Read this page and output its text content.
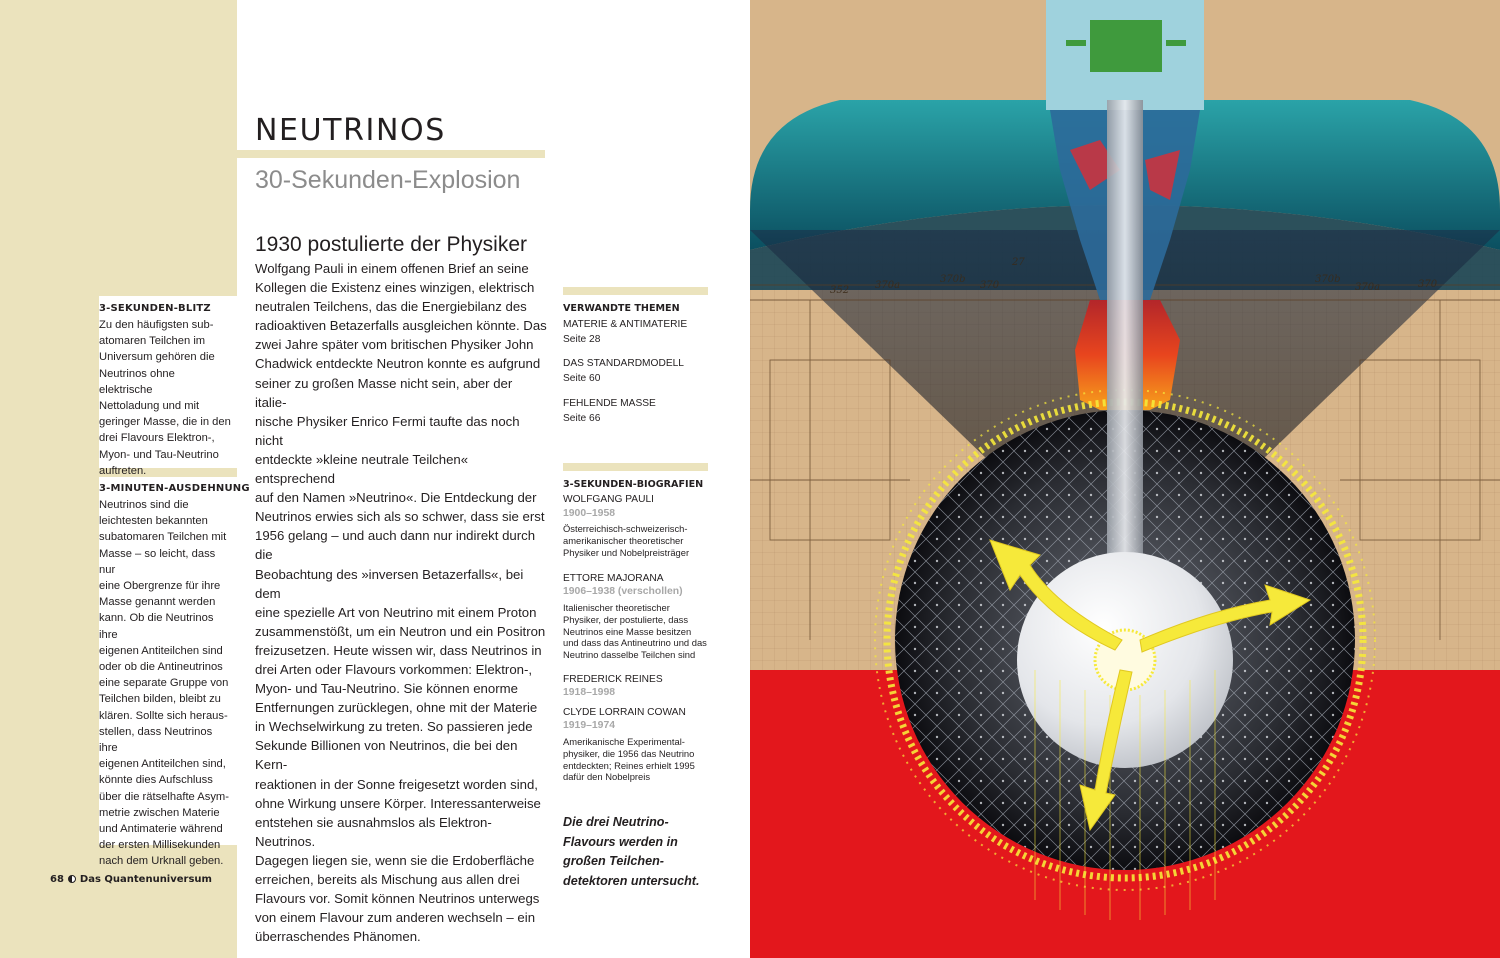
3-SEKUNDEN-BLITZ
Zu den häufigsten sub-
atomaren Teilchen im
Universum gehören die
Neutrinos ohne elektrische
Nettoladung und mit
geringer Masse, die in den
drei Flavours Elektron-,
Myon- und Tau-Neutrino
auftreten.
3-MINUTEN-AUSDEHNUNG
Neutrinos sind die
leichtesten bekannten
subatomaren Teilchen mit
Masse – so leicht, dass nur
eine Obergrenze für ihre
Masse genannt werden
kann. Ob die Neutrinos ihre
eigenen Antiteilchen sind
oder ob die Antineutrinos
eine separate Gruppe von
Teilchen bilden, bleibt zu
klären. Sollte sich heraus-
stellen, dass Neutrinos ihre
eigenen Antiteilchen sind,
könnte dies Aufschluss
über die rätselhafte Asym-
metrie zwischen Materie
und Antimaterie während
der ersten Millisekunden
nach dem Urknall geben.
68 Das Quantenuniversum
NEUTRINOS
30-Sekunden-Explosion
1930 postulierte der Physiker
Wolfgang Pauli in einem offenen Brief an seine
Kollegen die Existenz eines winzigen, elektrisch
neutralen Teilchens, das die Energiebilanz des
radioaktiven Betazerfalls ausgleichen könnte. Das
zwei Jahre später vom britischen Physiker John
Chadwick entdeckte Neutron konnte es aufgrund
seiner zu großen Masse nicht sein, aber der italie-
nische Physiker Enrico Fermi taufte das noch nicht
entdeckte »kleine neutrale Teilchen« entsprechend
auf den Namen »Neutrino«. Die Entdeckung der
Neutrinos erwies sich als so schwer, dass sie erst
1956 gelang – und auch dann nur indirekt durch die
Beobachtung des »inversen Betazerfalls«, bei dem
eine spezielle Art von Neutrino mit einem Proton
zusammenstößt, um ein Neutron und ein Positron
freizusetzen. Heute wissen wir, dass Neutrinos in
drei Arten oder Flavours vorkommen: Elektron-,
Myon- und Tau-Neutrino. Sie können enorme
Entfernungen zurücklegen, ohne mit der Materie
in Wechselwirkung zu treten. So passieren jede
Sekunde Billionen von Neutrinos, die bei den Kern-
reaktionen in der Sonne freigesetzt worden sind,
ohne Wirkung unsere Körper. Interessanterweise
entstehen sie ausnahmslos als Elektron-Neutrinos.
Dagegen liegen sie, wenn sie die Erdoberfläche
erreichen, bereits als Mischung aus allen drei
Flavours vor. Somit können Neutrinos unterwegs
von einem Flavour zum anderen wechseln – ein
überraschendes Phänomen.
VERWANDTE THEMEN
MATERIE & ANTIMATERIE
Seite 28
DAS STANDARDMODELL
Seite 60
FEHLENDE MASSE
Seite 66
3-SEKUNDEN-BIOGRAFIEN
WOLFGANG PAULI
1900–1958
Österreichisch-schweizerisch-
amerikanischer theoretischer
Physiker und Nobelpreisträger
ETTORE MAJORANA
1906–1938 (verschollen)
Italienischer theoretischer
Physiker, der postulierte, dass
Neutrinos eine Masse besitzen
und dass das Antineutrino und das
Neutrino dasselbe Teilchen sind
FREDERICK REINES
1918–1998
CLYDE LORRAIN COWAN
1919–1974
Amerikanische Experimental-
physiker, die 1956 das Neutrino
entdeckten; Reines erhielt 1995
dafür den Nobelpreis
Die drei Neutrino-
Flavours werden in
großen Teilchen-
detektoren untersucht.
352	370a
370b
370
27
370b
370a	370
